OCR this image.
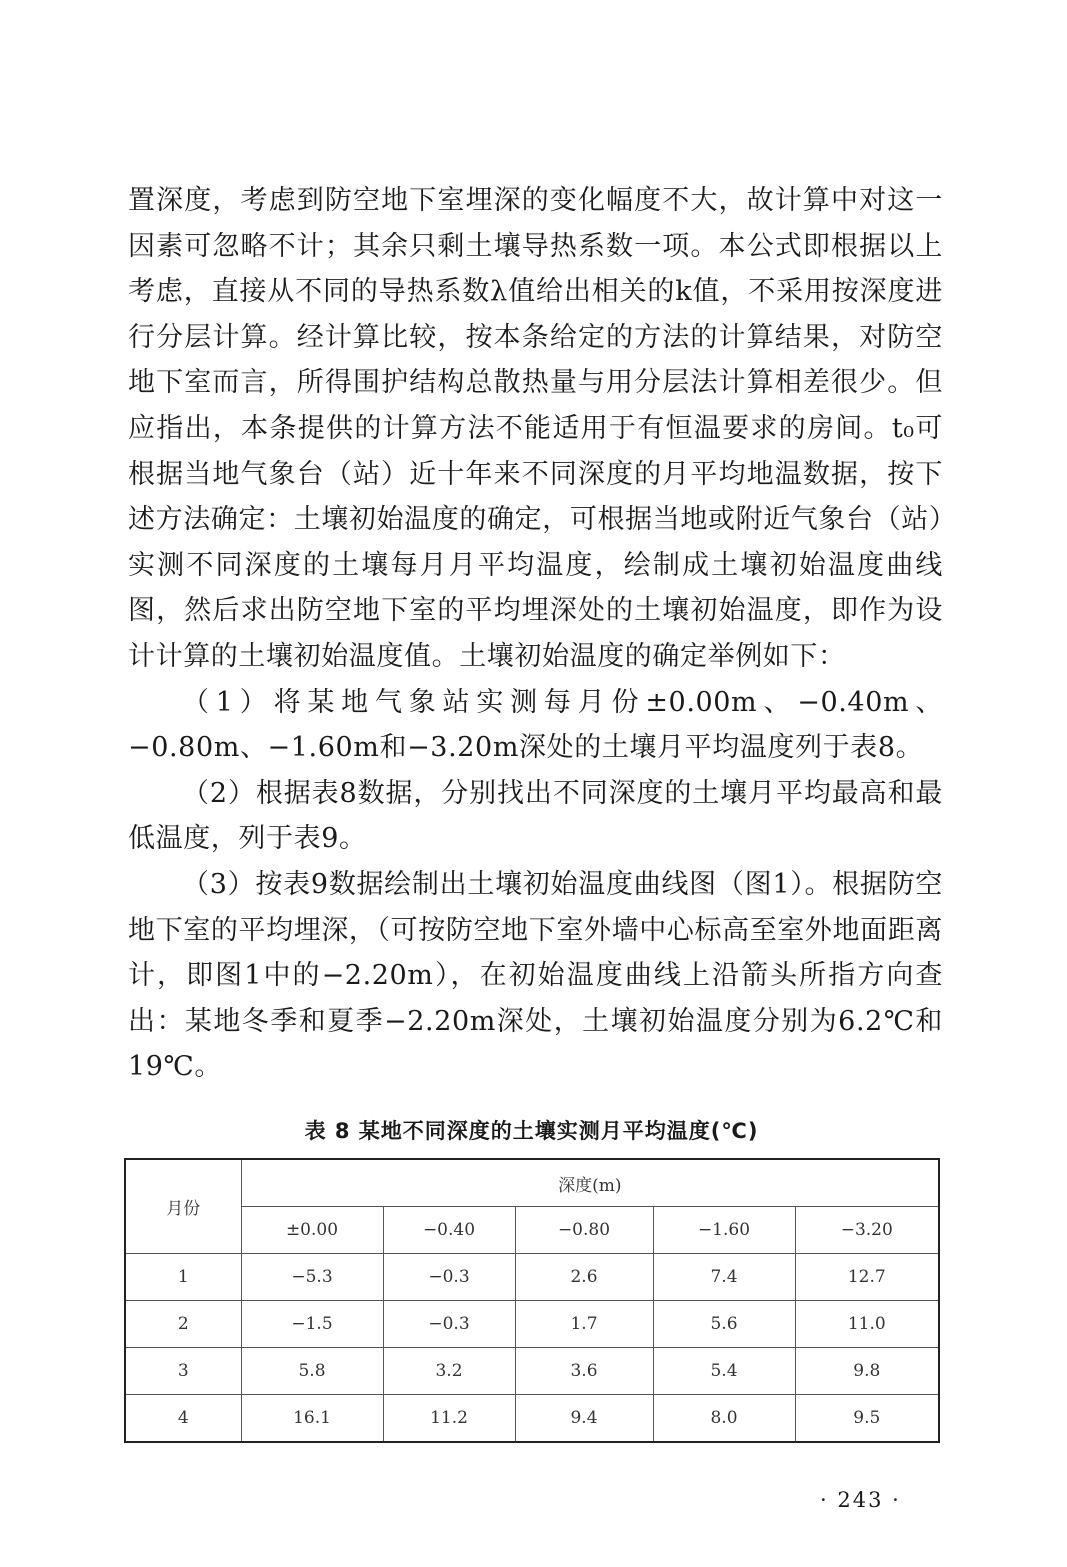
置深度，考虑到防空地下室埋深的变化幅度不大，故计算中对这一因素可忽略不计；其余只剩土壤导热系数一项。本公式即根据以上考虑，直接从不同的导热系数λ值给出相关的k值，不采用按深度进行分层计算。经计算比较，按本条给定的方法的计算结果，对防空地下室而言，所得围护结构总散热量与用分层法计算相差很少。但应指出，本条提供的计算方法不能适用于有恒温要求的房间。t₀可根据当地气象台（站）近十年来不同深度的月平均地温数据，按下述方法确定：土壤初始温度的确定，可根据当地或附近气象台（站）实测不同深度的土壤每月月平均温度，绘制成土壤初始温度曲线图，然后求出防空地下室的平均埋深处的土壤初始温度，即作为设计计算的土壤初始温度值。土壤初始温度的确定举例如下：

（1）将某地气象站实测每月份±0.00m、−0.40m、−0.80m、−1.60m和−3.20m深处的土壤月平均温度列于表8。

（2）根据表8数据，分别找出不同深度的土壤月平均最高和最低温度，列于表9。

（3）按表9数据绘制出土壤初始温度曲线图（图1）。根据防空地下室的平均埋深，（可按防空地下室外墙中心标高至室外地面距离计，即图1中的−2.20m），在初始温度曲线上沿箭头所指方向查出：某地冬季和夏季−2.20m深处，土壤初始温度分别为6.2℃和19℃。

表 8 某地不同深度的土壤实测月平均温度(℃)
月份	深度(m)				
	±0.00	−0.40	−0.80	−1.60	−3.20
1	−5.3	−0.3	2.6	7.4	12.7
2	−1.5	−0.3	1.7	5.6	11.0
3	5.8	3.2	3.6	5.4	9.8
4	16.1	11.2	9.4	8.0	9.5
· 243 ·
